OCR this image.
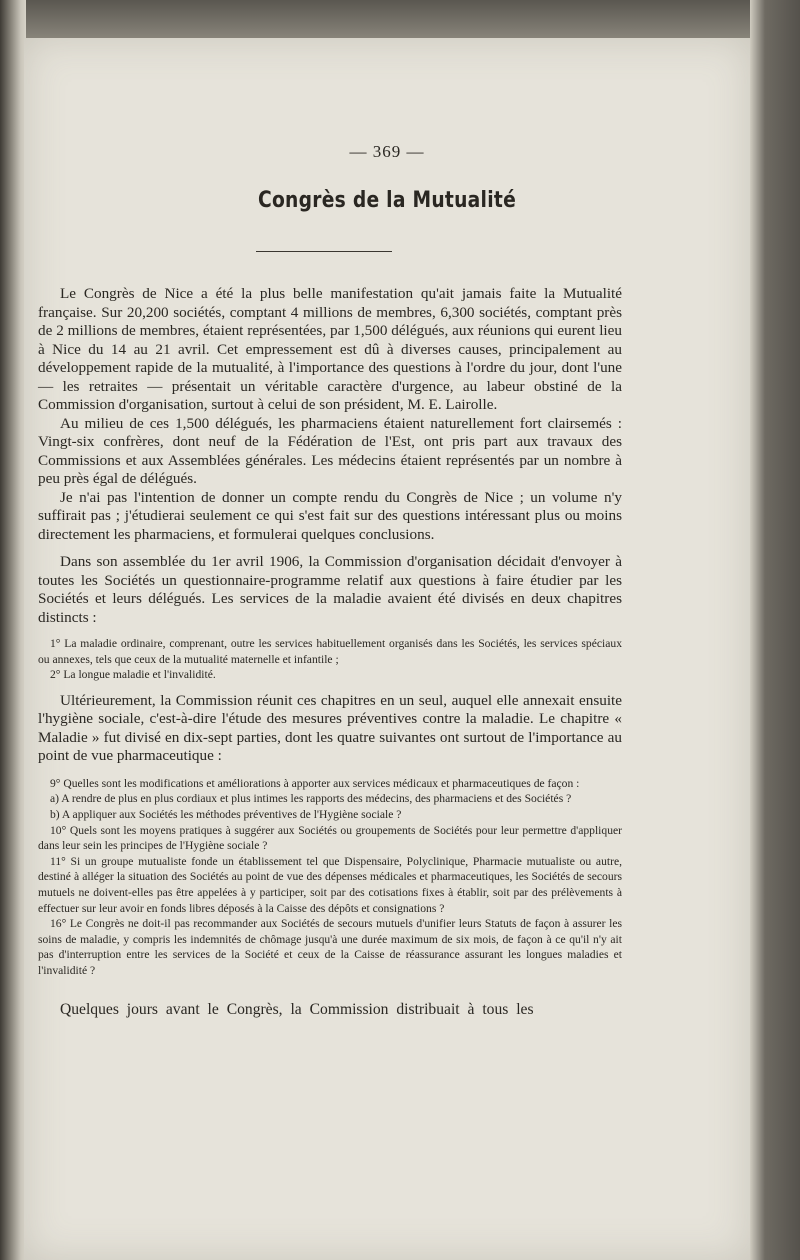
— 369 —
Congrès de la Mutualité

Le Congrès de Nice a été la plus belle manifestation qu'ait jamais faite la Mutualité française. Sur 20,200 sociétés, comptant 4 millions de membres, 6,300 sociétés, comptant près de 2 millions de membres, étaient représentées, par 1,500 délégués, aux réunions qui eurent lieu à Nice du 14 au 21 avril. Cet empressement est dû à diverses causes, principalement au développement rapide de la mutualité, à l'importance des questions à l'ordre du jour, dont l'une — les retraites — présentait un véritable caractère d'urgence, au labeur obstiné de la Commission d'organisation, surtout à celui de son président, M. E. Lairolle.

Au milieu de ces 1,500 délégués, les pharmaciens étaient naturellement fort clairsemés : Vingt-six confrères, dont neuf de la Fédération de l'Est, ont pris part aux travaux des Commissions et aux Assemblées générales. Les médecins étaient représentés par un nombre à peu près égal de délégués.

Je n'ai pas l'intention de donner un compte rendu du Congrès de Nice ; un volume n'y suffirait pas ; j'étudierai seulement ce qui s'est fait sur des questions intéressant plus ou moins directement les pharmaciens, et formulerai quelques conclusions.

Dans son assemblée du 1er avril 1906, la Commission d'organisation décidait d'envoyer à toutes les Sociétés un questionnaire-programme relatif aux questions à faire étudier par les Sociétés et leurs délégués. Les services de la maladie avaient été divisés en deux chapitres distincts :

1° La maladie ordinaire, comprenant, outre les services habituellement organisés dans les Sociétés, les services spéciaux ou annexes, tels que ceux de la mutualité maternelle et infantile ;

2° La longue maladie et l'invalidité.

Ultérieurement, la Commission réunit ces chapitres en un seul, auquel elle annexait ensuite l'hygiène sociale, c'est-à-dire l'étude des mesures préventives contre la maladie. Le chapitre « Maladie » fut divisé en dix-sept parties, dont les quatre suivantes ont surtout de l'importance au point de vue pharmaceutique :

9° Quelles sont les modifications et améliorations à apporter aux services médicaux et pharmaceutiques de façon :

a) A rendre de plus en plus cordiaux et plus intimes les rapports des médecins, des pharmaciens et des Sociétés ?

b) A appliquer aux Sociétés les méthodes préventives de l'Hygiène sociale ?

10° Quels sont les moyens pratiques à suggérer aux Sociétés ou groupements de Sociétés pour leur permettre d'appliquer dans leur sein les principes de l'Hygiène sociale ?

11° Si un groupe mutualiste fonde un établissement tel que Dispensaire, Polyclinique, Pharmacie mutualiste ou autre, destiné à alléger la situation des Sociétés au point de vue des dépenses médicales et pharmaceutiques, les Sociétés de secours mutuels ne doivent-elles pas être appelées à y participer, soit par des cotisations fixes à établir, soit par des prélèvements à effectuer sur leur avoir en fonds libres déposés à la Caisse des dépôts et consignations ?

16° Le Congrès ne doit-il pas recommander aux Sociétés de secours mutuels d'unifier leurs Statuts de façon à assurer les soins de maladie, y compris les indemnités de chômage jusqu'à une durée maximum de six mois, de façon à ce qu'il n'y ait pas d'interruption entre les services de la Société et ceux de la Caisse de réassurance assurant les longues maladies et l'invalidité ?

Quelques jours avant le Congrès, la Commission distribuait à tous les
